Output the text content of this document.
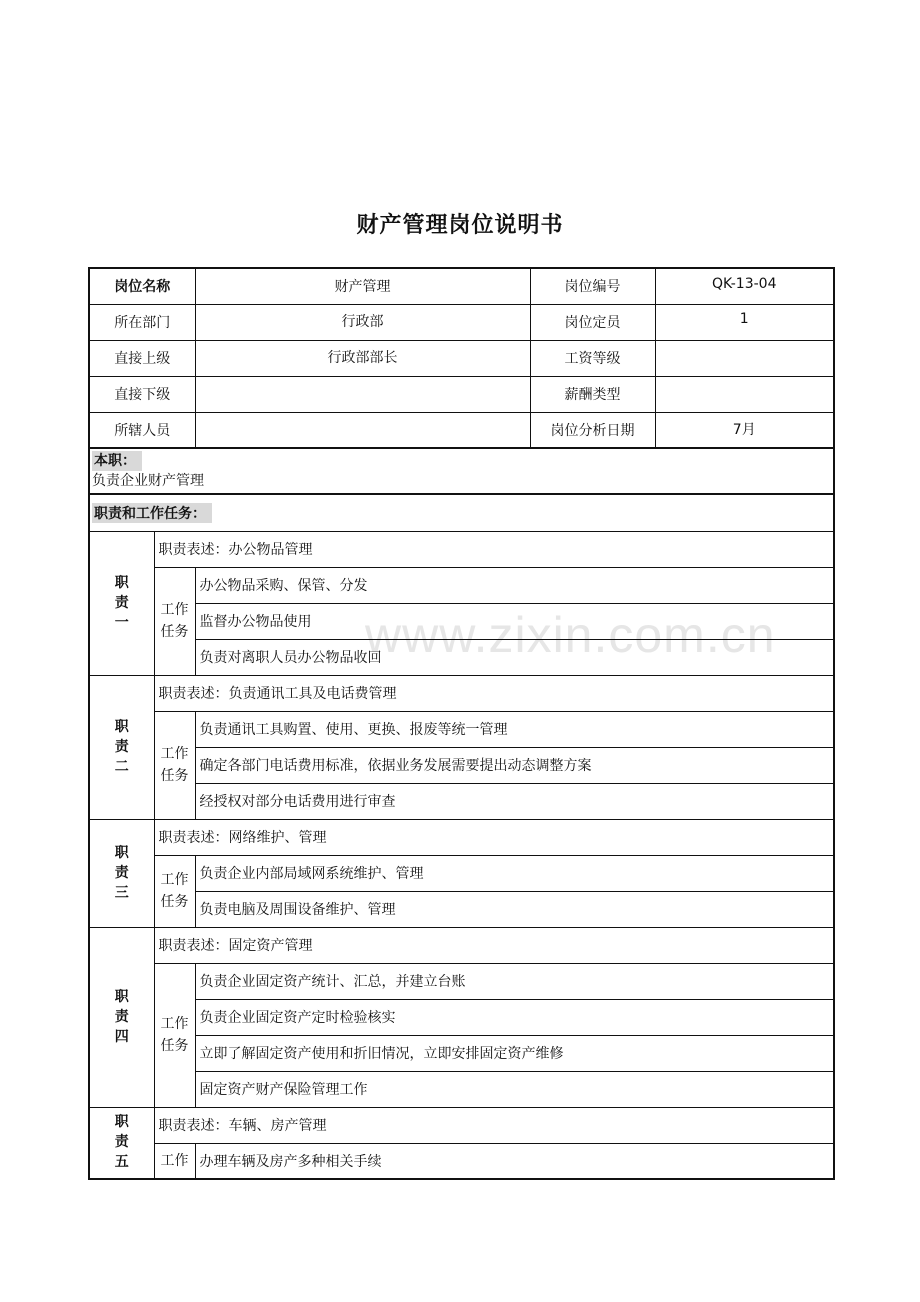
财产管理岗位说明书
www.zixin.com.cn
岗位名称		财产管理	岗位编号	QK-13-04
所在部门		行政部	岗位定员	1
直接上级		行政部部长	工资等级	
直接下级			薪酬类型	
所辖人员			岗位分析日期	7月
本职：
负责企业财产管理				
职责和工作任务：				
职责一	职责表述：办公物品管理			
	工作任务	办公物品采购、保管、分发		
		监督办公物品使用		
		负责对离职人员办公物品收回		
职责二	职责表述：负责通讯工具及电话费管理			
	工作任务	负责通讯工具购置、使用、更换、报废等统一管理		
		确定各部门电话费用标准，依据业务发展需要提出动态调整方案		
		经授权对部分电话费用进行审查		
职责三	职责表述：网络维护、管理			
	工作任务	负责企业内部局域网系统维护、管理		
		负责电脑及周围设备维护、管理		
职责四	职责表述：固定资产管理			
	工作任务	负责企业固定资产统计、汇总，并建立台账		
		负责企业固定资产定时检验核实		
		立即了解固定资产使用和折旧情况，立即安排固定资产维修		
		固定资产财产保险管理工作		
职责五	职责表述：车辆、房产管理			
	工作	办理车辆及房产多种相关手续		
